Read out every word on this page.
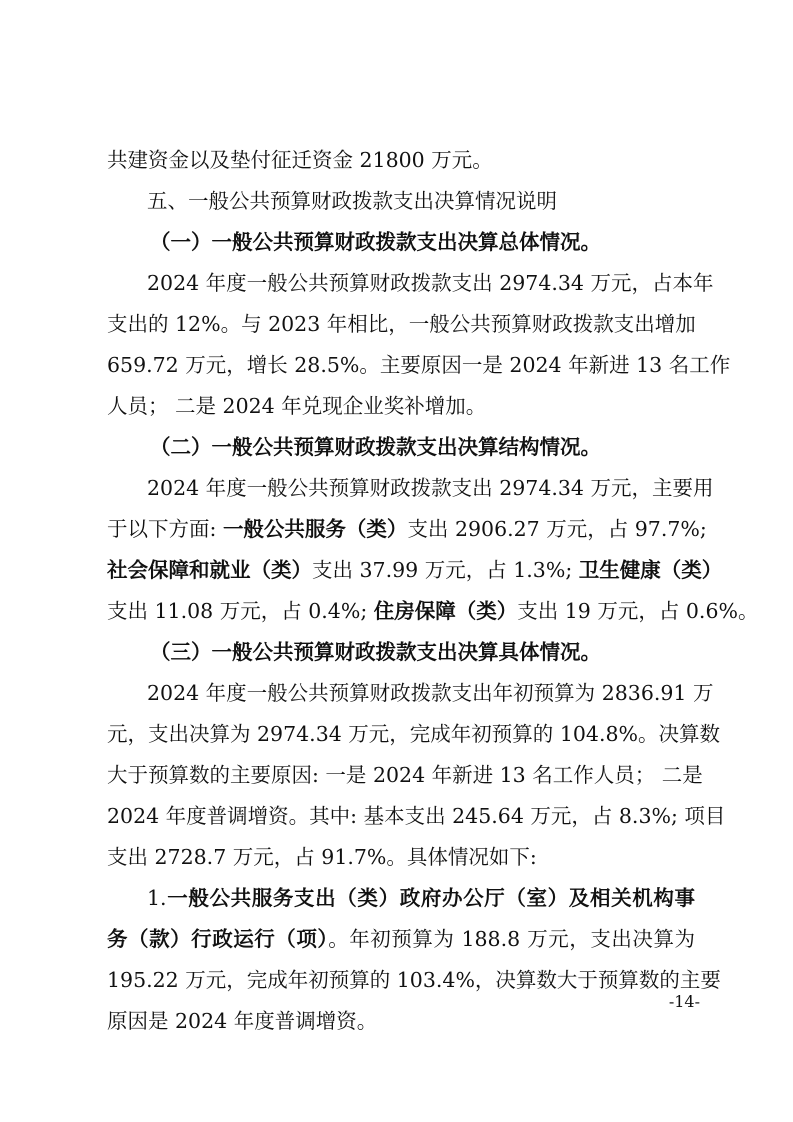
共建资金以及垫付征迁资金 21800 万元。
五、一般公共预算财政拨款支出决算情况说明
（一）一般公共预算财政拨款支出决算总体情况。
2024 年度一般公共预算财政拨款支出 2974.34 万元，占本年
支出的 12%。与 2023 年相比，一般公共预算财政拨款支出增加
659.72 万元，增长 28.5%。主要原因一是 2024 年新进 13 名工作
人员； 二是 2024 年兑现企业奖补增加。
（二）一般公共预算财政拨款支出决算结构情况。
2024 年度一般公共预算财政拨款支出 2974.34 万元，主要用
于以下方面: 一般公共服务（类）支出 2906.27 万元，占 97.7%;
社会保障和就业（类）支出 37.99 万元，占 1.3%; 卫生健康（类）
支出 11.08 万元，占 0.4%; 住房保障（类）支出 19 万元，占 0.6%。
（三）一般公共预算财政拨款支出决算具体情况。
2024 年度一般公共预算财政拨款支出年初预算为 2836.91 万
元，支出决算为 2974.34 万元，完成年初预算的 104.8%。决算数
大于预算数的主要原因: 一是 2024 年新进 13 名工作人员； 二是
2024 年度普调增资。其中: 基本支出 245.64 万元，占 8.3%; 项目
支出 2728.7 万元，占 91.7%。具体情况如下:
1.一般公共服务支出（类）政府办公厅（室）及相关机构事
务（款）行政运行（项）。年初预算为 188.8 万元，支出决算为
195.22 万元，完成年初预算的 103.4%，决算数大于预算数的主要
原因是 2024 年度普调增资。
-14-
